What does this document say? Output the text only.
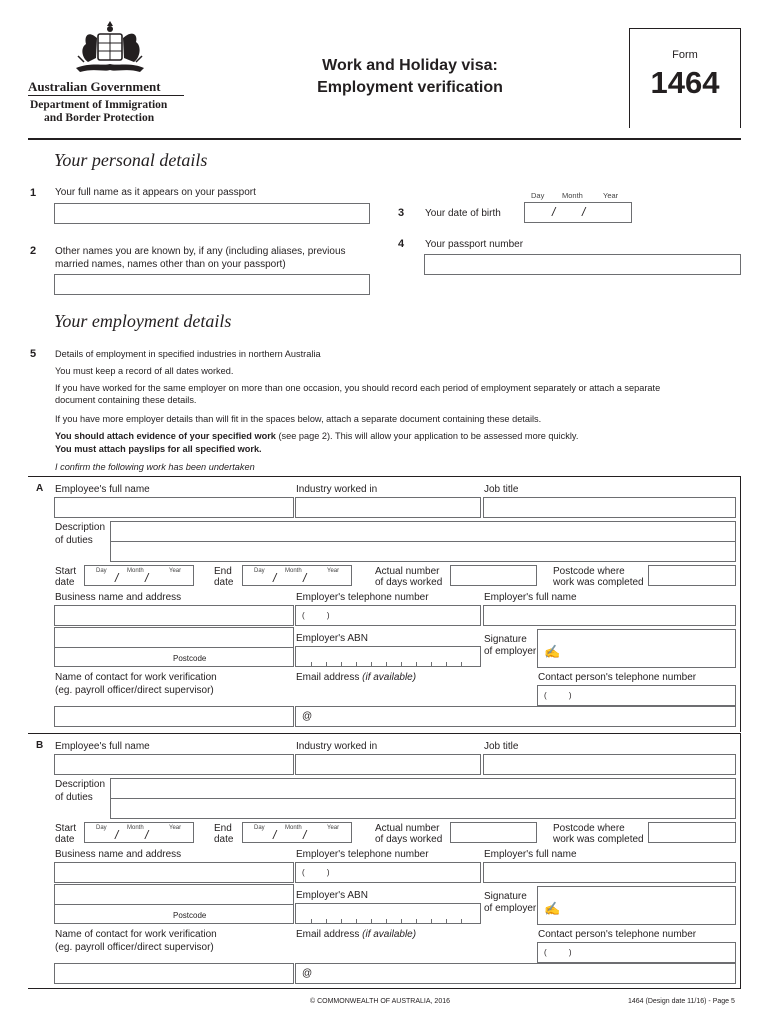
Australian Government
Department of Immigration
and Border Protection
Work and Holiday visa:
Employment verification
Form
1464
Your personal details
1 Your full name as it appears on your passport
2 Other names you are known by, if any (including aliases, previous
married names, names other than on your passport)
3 Your date of birth
Day Month	Year
/ /
4 Your passport number
Your employment details
5 Details of employment in specified industries in northern Australia
You must keep a record of all dates worked.
If you have worked for the same employer on more than one occasion, you should record each period of employment separately or attach a separate
document containing these details.
If you have more employer details than will fit in the spaces below, attach a separate document containing these details.
You should attach evidence of your specified work (see page 2). This will allow your application to be assessed more quickly.
You must attach payslips for all specified work.
I confirm the following work has been undertaken
A Employee's full name	Industry worked in	Job title
Description
of duties
Start
date
Day	Month	Year
/ /	End
date
Day	Month	Year
/ /	Actual number
of days worked
Postcode where
work was completed
Business name and address
Postcode
Employer's telephone number
(          )
Employer's full name
Employer's ABN	Signature
of employer ✍
Name of contact for work verification
(eg. payroll officer/direct supervisor)
Email address (if available)
@
Contact person's telephone number
(          )
B Employee's full name	Industry worked in	Job title
Description
of duties
Start
date
Day	Month	Year
/ /	End
date
Day	Month	Year
/ /	Actual number
of days worked
Postcode where
work was completed
Business name and address
Postcode
Employer's telephone number
(          )
Employer's full name
Employer's ABN	Signature
of employer ✍
Name of contact for work verification
(eg. payroll officer/direct supervisor)
Email address (if available)
@
Contact person's telephone number
(          )
© COMMONWEALTH OF AUSTRALIA, 2016	1464 (Design date 11/16) - Page 5
